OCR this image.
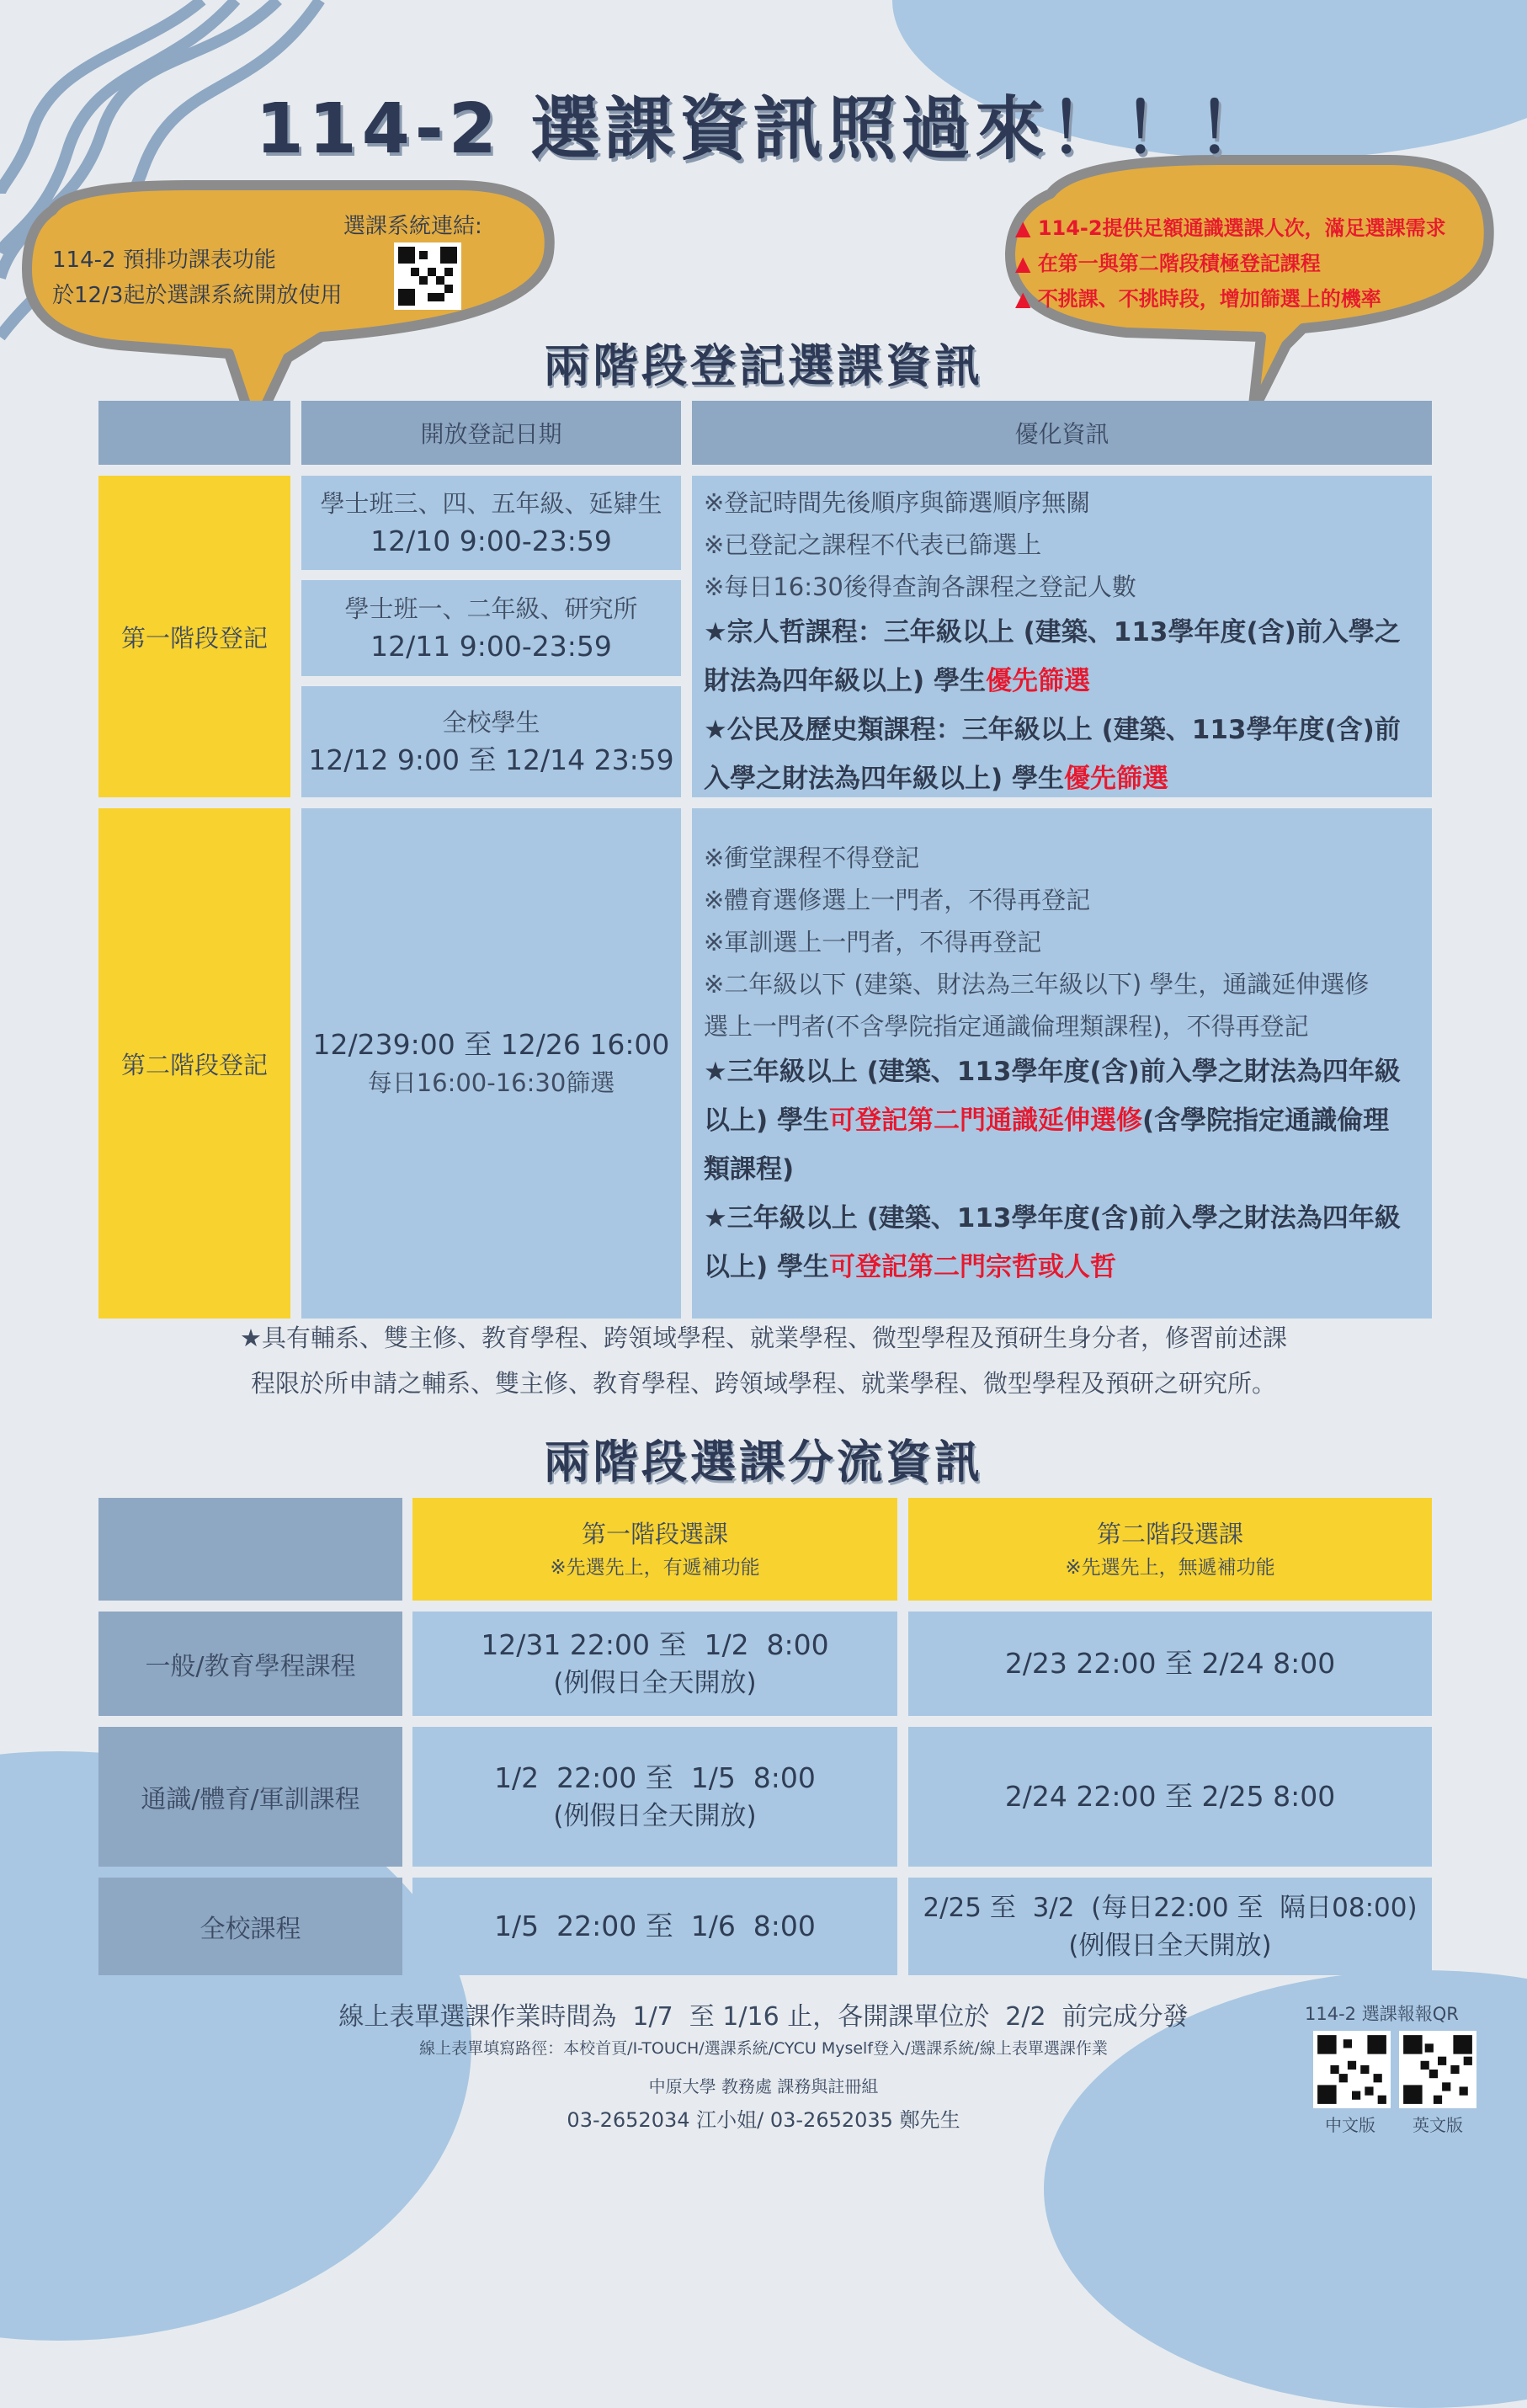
114-2 選課資訊照過來！！！
選課系統連結:
114-2 預排功課表功能
於12/3起於選課系統開放使用
▲ 114-2提供足額通識選課人次，滿足選課需求
▲ 在第一與第二階段積極登記課程
▲ 不挑課、不挑時段，增加篩選上的機率
兩階段登記選課資訊
開放登記日期	優化資訊
第一階段登記
學士班三、四、五年級、延肄生
12/10 9:00-23:59
學士班一、二年級、研究所
12/11 9:00-23:59
全校學生
12/12 9:00 至 12/14 23:59
※登記時間先後順序與篩選順序無關
※已登記之課程不代表已篩選上
※每日16:30後得查詢各課程之登記人數
★宗人哲課程：三年級以上 (建築、113學年度(含)前入學之
財法為四年級以上) 學生優先篩選
★公民及歷史類課程：三年級以上 (建築、113學年度(含)前
入學之財法為四年級以上) 學生優先篩選
第二階段登記
12/239:00 至 12/26 16:00
每日16:00-16:30篩選
※衝堂課程不得登記
※體育選修選上一門者，不得再登記
※軍訓選上一門者，不得再登記
※二年級以下 (建築、財法為三年級以下) 學生，通識延伸選修
選上一門者(不含學院指定通識倫理類課程)，不得再登記
★三年級以上 (建築、113學年度(含)前入學之財法為四年級
以上) 學生可登記第二門通識延伸選修(含學院指定通識倫理
類課程)
★三年級以上 (建築、113學年度(含)前入學之財法為四年級
以上) 學生可登記第二門宗哲或人哲
★具有輔系、雙主修、教育學程、跨領域學程、就業學程、微型學程及預研生身分者，修習前述課
程限於所申請之輔系、雙主修、教育學程、跨領域學程、就業學程、微型學程及預研之研究所。
兩階段選課分流資訊
第一階段選課
※先選先上，有遞補功能
第二階段選課
※先選先上，無遞補功能
一般/教育學程課程
12/31 22:00 至  1/2  8:00
(例假日全天開放)
2/23 22:00 至 2/24 8:00
通識/體育/軍訓課程
1/2  22:00 至  1/5  8:00
(例假日全天開放)
2/24 22:00 至 2/25 8:00
全校課程	1/5  22:00 至  1/6  8:00
2/25 至  3/2  (每日22:00 至  隔日08:00)
(例假日全天開放)
線上表單選課作業時間為  1/7  至 1/16 止，各開課單位於  2/2  前完成分發
線上表單填寫路徑：本校首頁/I-TOUCH/選課系統/CYCU Myself登入/選課系統/線上表單選課作業
中原大學 教務處 課務與註冊組
03-2652034 江小姐/ 03-2652035 鄭先生
114-2 選課報報QR
中文版 英文版
